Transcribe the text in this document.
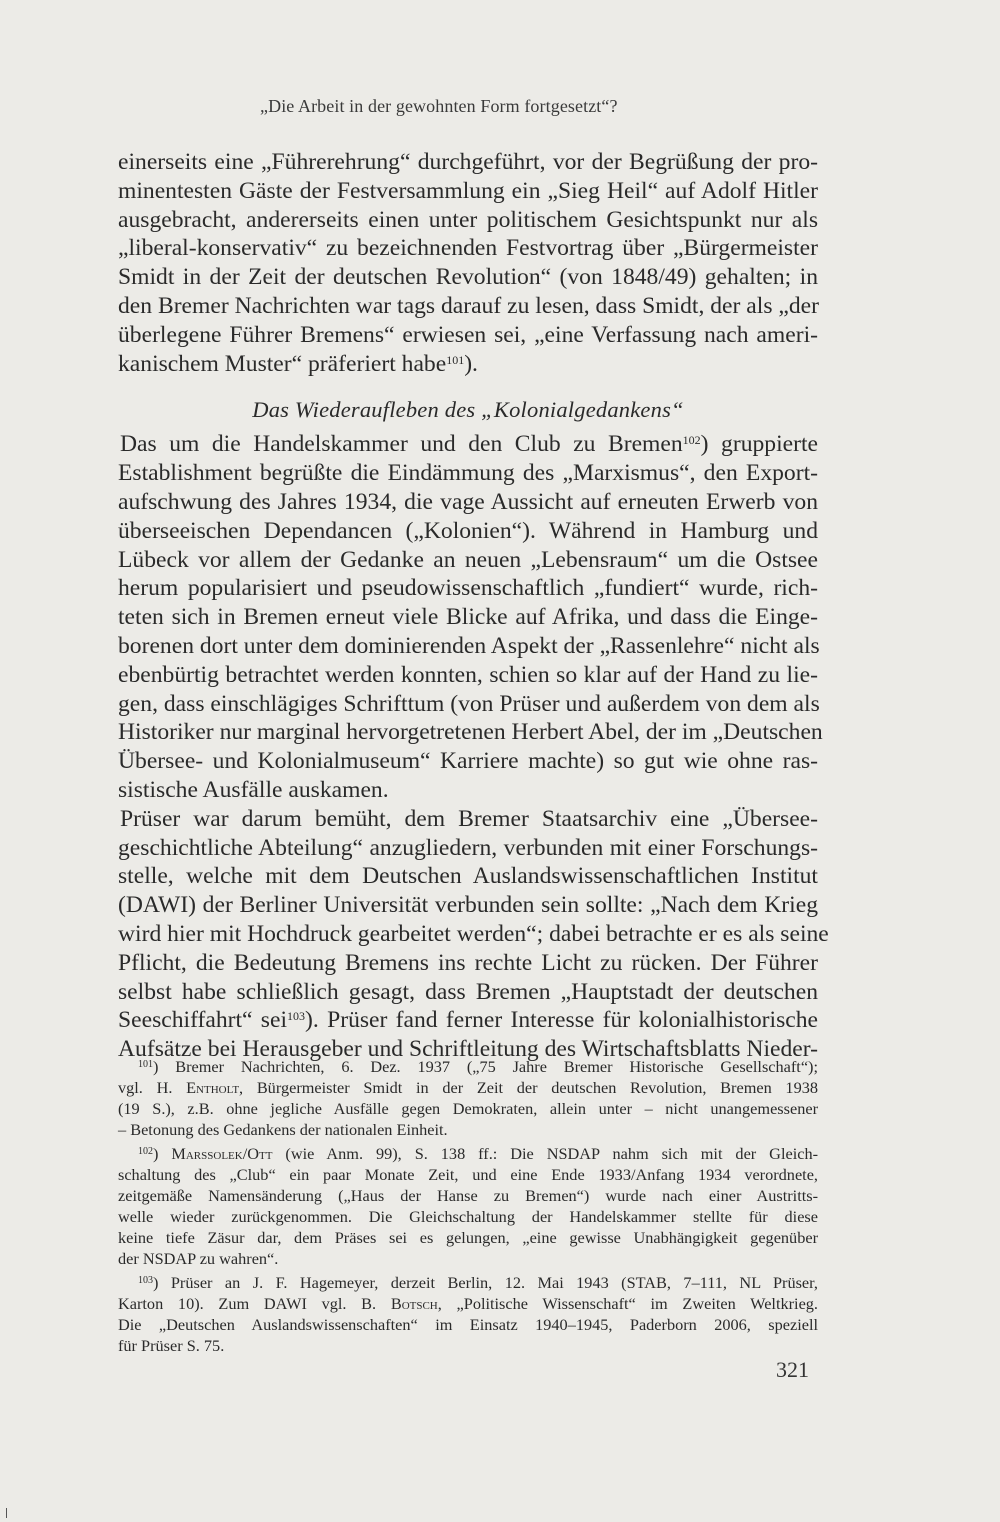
„Die Arbeit in der gewohnten Form fortgesetzt“?
einerseits eine „Führerehrung“ durchgeführt, vor der Begrüßung der pro-
minentesten Gäste der Festversammlung ein „Sieg Heil“ auf Adolf Hitler
ausgebracht, andererseits einen unter politischem Gesichtspunkt nur als
„liberal-konservativ“ zu bezeichnenden Festvortrag über „Bürgermeister
Smidt in der Zeit der deutschen Revolution“ (von 1848/49) gehalten; in
den Bremer Nachrichten war tags darauf zu lesen, dass Smidt, der als „der
überlegene Führer Bremens“ erwiesen sei, „eine Verfassung nach ameri-
kanischem Muster“ präferiert habe$^{101}$).
Das Wiederaufleben des „Kolonialgedankens“
Das um die Handelskammer und den Club zu Bremen$^{102}$) gruppierte
Establishment begrüßte die Eindämmung des „Marxismus“, den Export-
aufschwung des Jahres 1934, die vage Aussicht auf erneuten Erwerb von
überseeischen Dependancen („Kolonien“). Während in Hamburg und
Lübeck vor allem der Gedanke an neuen „Lebensraum“ um die Ostsee
herum popularisiert und pseudowissenschaftlich „fundiert“ wurde, rich-
teten sich in Bremen erneut viele Blicke auf Afrika, und dass die Einge-
borenen dort unter dem dominierenden Aspekt der „Rassenlehre“ nicht als
ebenbürtig betrachtet werden konnten, schien so klar auf der Hand zu lie-
gen, dass einschlägiges Schrifttum (von Prüser und außerdem von dem als
Historiker nur marginal hervorgetretenen Herbert Abel, der im „Deutschen
Übersee- und Kolonialmuseum“ Karriere machte) so gut wie ohne ras-
sistische Ausfälle auskamen.
Prüser war darum bemüht, dem Bremer Staatsarchiv eine „Übersee-
geschichtliche Abteilung“ anzugliedern, verbunden mit einer Forschungs-
stelle, welche mit dem Deutschen Auslandswissenschaftlichen Institut
(DAWI) der Berliner Universität verbunden sein sollte: „Nach dem Krieg
wird hier mit Hochdruck gearbeitet werden“; dabei betrachte er es als seine
Pflicht, die Bedeutung Bremens ins rechte Licht zu rücken. Der Führer
selbst habe schließlich gesagt, dass Bremen „Hauptstadt der deutschen
Seeschiffahrt“ sei$^{103}$). Prüser fand ferner Interesse für kolonialhistorische
Aufsätze bei Herausgeber und Schriftleitung des Wirtschaftsblatts Nieder-
$^{101}$) Bremer Nachrichten, 6. Dez. 1937 („75 Jahre Bremer Historische Gesellschaft“);
vgl. H. Entholt, Bürgermeister Smidt in der Zeit der deutschen Revolution, Bremen 1938
(19 S.), z.B. ohne jegliche Ausfälle gegen Demokraten, allein unter – nicht unangemessener
– Betonung des Gedankens der nationalen Einheit.
$^{102}$) Marssolek/Ott (wie Anm. 99), S. 138 ff.: Die NSDAP nahm sich mit der Gleich-
schaltung des „Club“ ein paar Monate Zeit, und eine Ende 1933/Anfang 1934 verordnete,
zeitgemäße Namensänderung („Haus der Hanse zu Bremen“) wurde nach einer Austritts-
welle wieder zurückgenommen. Die Gleichschaltung der Handelskammer stellte für diese
keine tiefe Zäsur dar, dem Präses sei es gelungen, „eine gewisse Unabhängigkeit gegenüber
der NSDAP zu wahren“.
$^{103}$) Prüser an J. F. Hagemeyer, derzeit Berlin, 12. Mai 1943 (STAB, 7–111, NL Prüser,
Karton 10). Zum DAWI vgl. B. Botsch, „Politische Wissenschaft“ im Zweiten Weltkrieg.
Die „Deutschen Auslandswissenschaften“ im Einsatz 1940–1945, Paderborn 2006, speziell
für Prüser S. 75.
321
